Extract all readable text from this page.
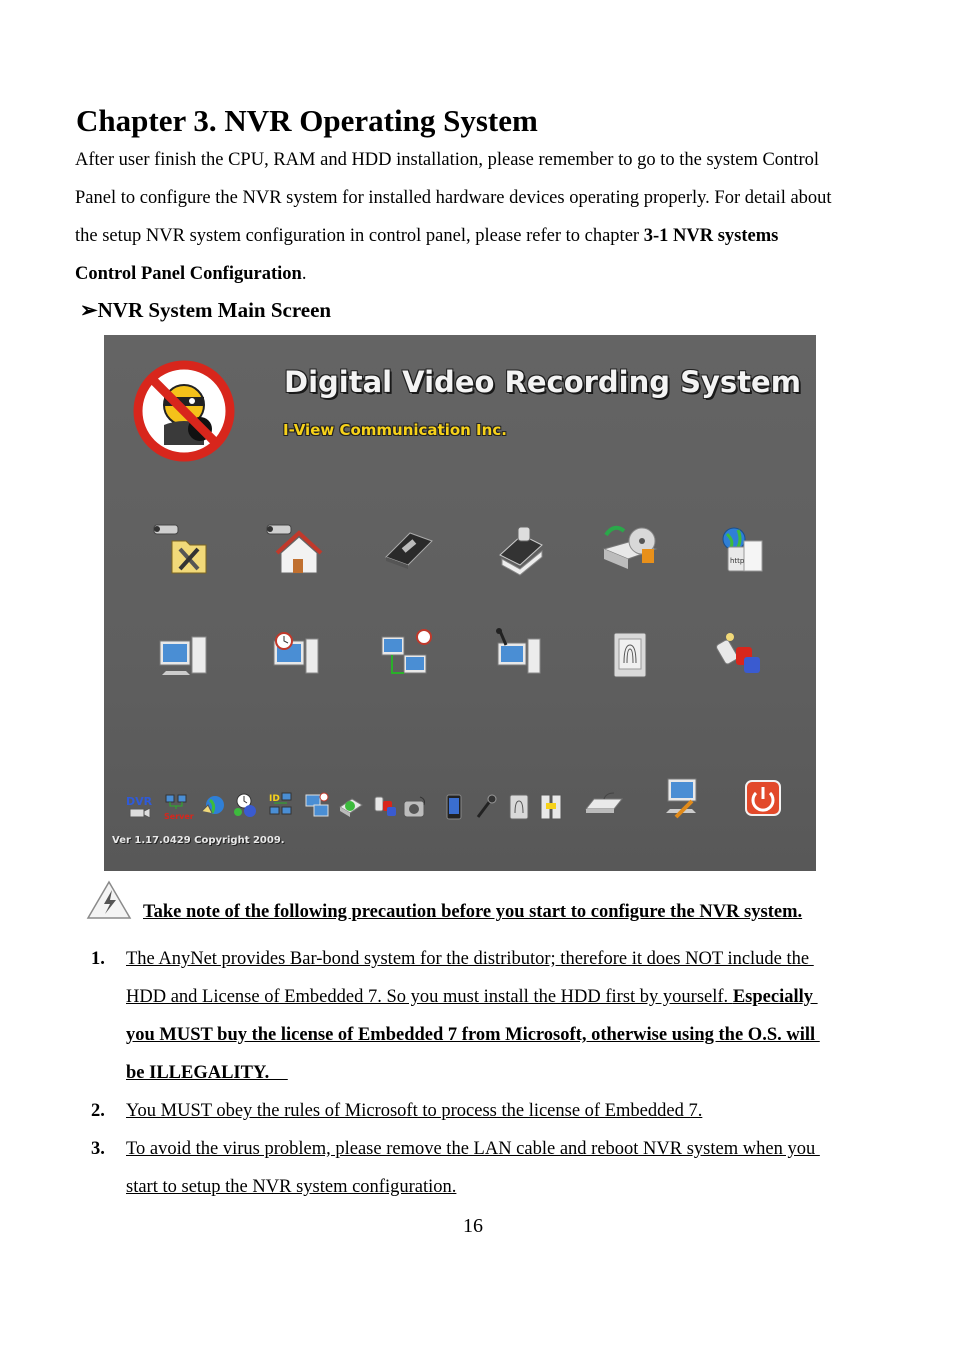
Chapter 3. NVR Operating System
After user finish the CPU, RAM and HDD installation, please remember to go to the system Control
Panel to configure the NVR system for installed hardware devices operating properly. For detail about
the setup NVR system configuration in control panel, please refer to chapter 3-1 NVR systems
Control Panel Configuration.
➢NVR System Main Screen
Digital Video Recording System
I-View Communication Inc.
http
DVR
Server
ID
Ver 1.17.0429 Copyright 2009.
Take note of the following precaution before you start to configure the NVR system.
1. The AnyNet provides Bar-bond system for the distributor; therefore it does NOT include the
HDD and License of Embedded 7. So you must install the HDD first by yourself. Especially
you MUST buy the license of Embedded 7 from Microsoft, otherwise using the O.S. will
be ILLEGALITY.
2. You MUST obey the rules of Microsoft to process the license of Embedded 7.
3. To avoid the virus problem, please remove the LAN cable and reboot NVR system when you
start to setup the NVR system configuration.
16
